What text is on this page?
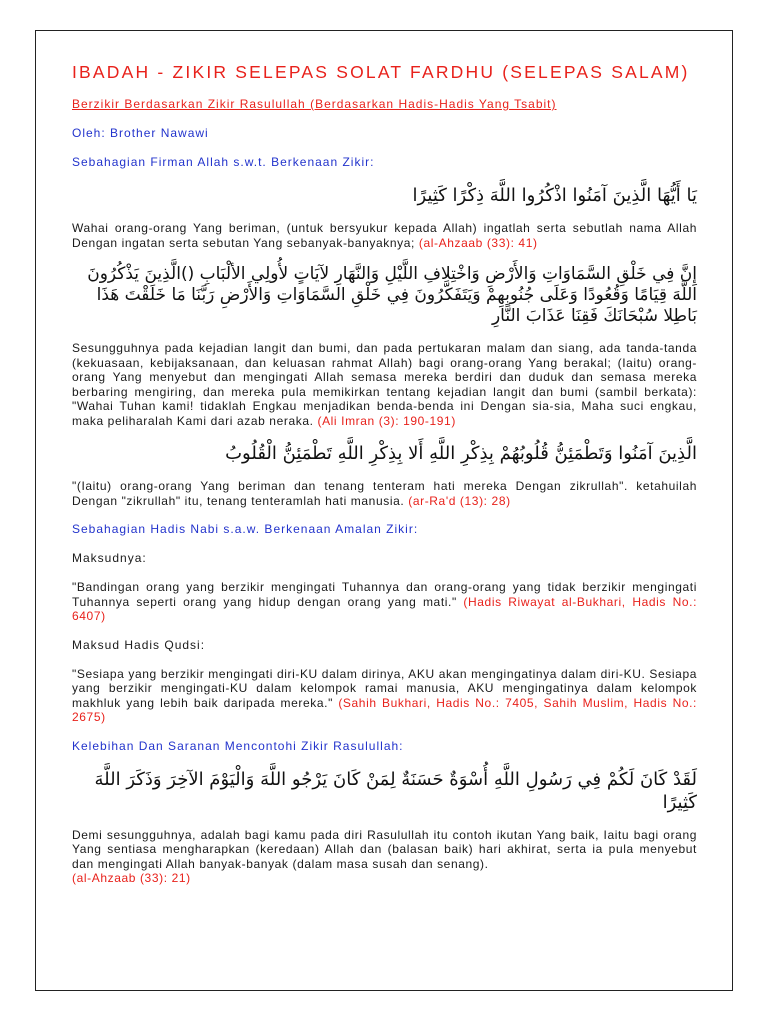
IBADAH - ZIKIR SELEPAS SOLAT FARDHU (SELEPAS SALAM)
Berzikir Berdasarkan Zikir Rasulullah (Berdasarkan Hadis-Hadis Yang Tsabit)
Oleh: Brother Nawawi
Sebahagian Firman Allah s.w.t. Berkenaan Zikir:
يَا أَيُّهَا الَّذِينَ آمَنُوا اذْكُرُوا اللَّهَ ذِكْرًا كَثِيرًا

Wahai orang-orang Yang beriman, (untuk bersyukur kepada Allah) ingatlah serta sebutlah nama Allah Dengan ingatan serta sebutan Yang sebanyak-banyaknya; (al-Ahzaab (33): 41)

إِنَّ فِي خَلْقِ السَّمَاوَاتِ وَالأَرْضِ وَاخْتِلافِ اللَّيْلِ وَالنَّهَارِ لآيَاتٍ لأُولِي الألْبَابِ ()الَّذِينَ يَذْكُرُونَ اللَّهَ قِيَامًا وَقُعُودًا وَعَلَى جُنُوبِهِمْ وَيَتَفَكَّرُونَ فِي خَلْقِ السَّمَاوَاتِ وَالأَرْضِ رَبَّنَا مَا خَلَقْتَ هَذَا بَاطِلا سُبْحَانَكَ فَقِنَا عَذَابَ النَّارِ

Sesungguhnya pada kejadian langit dan bumi, dan pada pertukaran malam dan siang, ada tanda-tanda (kekuasaan, kebijaksanaan, dan keluasan rahmat Allah) bagi orang-orang Yang berakal; (Iaitu) orang-orang Yang menyebut dan mengingati Allah semasa mereka berdiri dan duduk dan semasa mereka berbaring mengiring, dan mereka pula memikirkan tentang kejadian langit dan bumi (sambil berkata): "Wahai Tuhan kami! tidaklah Engkau menjadikan benda-benda ini Dengan sia-sia, Maha suci engkau, maka peliharalah Kami dari azab neraka. (Ali Imran (3): 190-191)

الَّذِينَ آمَنُوا وَتَطْمَئِنُّ قُلُوبُهُمْ بِذِكْرِ اللَّهِ أَلا بِذِكْرِ اللَّهِ تَطْمَئِنُّ الْقُلُوبُ

"(Iaitu) orang-orang Yang beriman dan tenang tenteram hati mereka Dengan zikrullah". ketahuilah Dengan "zikrullah" itu, tenang tenteramlah hati manusia. (ar-Ra'd (13): 28)

Sebahagian Hadis Nabi s.a.w. Berkenaan Amalan Zikir:
Maksudnya:

"Bandingan orang yang berzikir mengingati Tuhannya dan orang-orang yang tidak berzikir mengingati Tuhannya seperti orang yang hidup dengan orang yang mati." (Hadis Riwayat al-Bukhari, Hadis No.: 6407)

Maksud Hadis Qudsi:

"Sesiapa yang berzikir mengingati diri-KU dalam dirinya, AKU akan mengingatinya dalam diri-KU. Sesiapa yang berzikir mengingati-KU dalam kelompok ramai manusia, AKU mengingatinya dalam kelompok makhluk yang lebih baik daripada mereka." (Sahih Bukhari, Hadis No.: 7405, Sahih Muslim, Hadis No.: 2675)

Kelebihan Dan Saranan Mencontohi Zikir Rasulullah:
لَقَدْ كَانَ لَكُمْ فِي رَسُولِ اللَّهِ أُسْوَةٌ حَسَنَةٌ لِمَنْ كَانَ يَرْجُو اللَّهَ وَالْيَوْمَ الآخِرَ وَذَكَرَ اللَّهَ كَثِيرًا

Demi sesungguhnya, adalah bagi kamu pada diri Rasulullah itu contoh ikutan Yang baik, Iaitu bagi orang Yang sentiasa mengharapkan (keredaan) Allah dan (balasan baik) hari akhirat, serta ia pula menyebut dan mengingati Allah banyak-banyak (dalam masa susah dan senang).
(al-Ahzaab (33): 21)
